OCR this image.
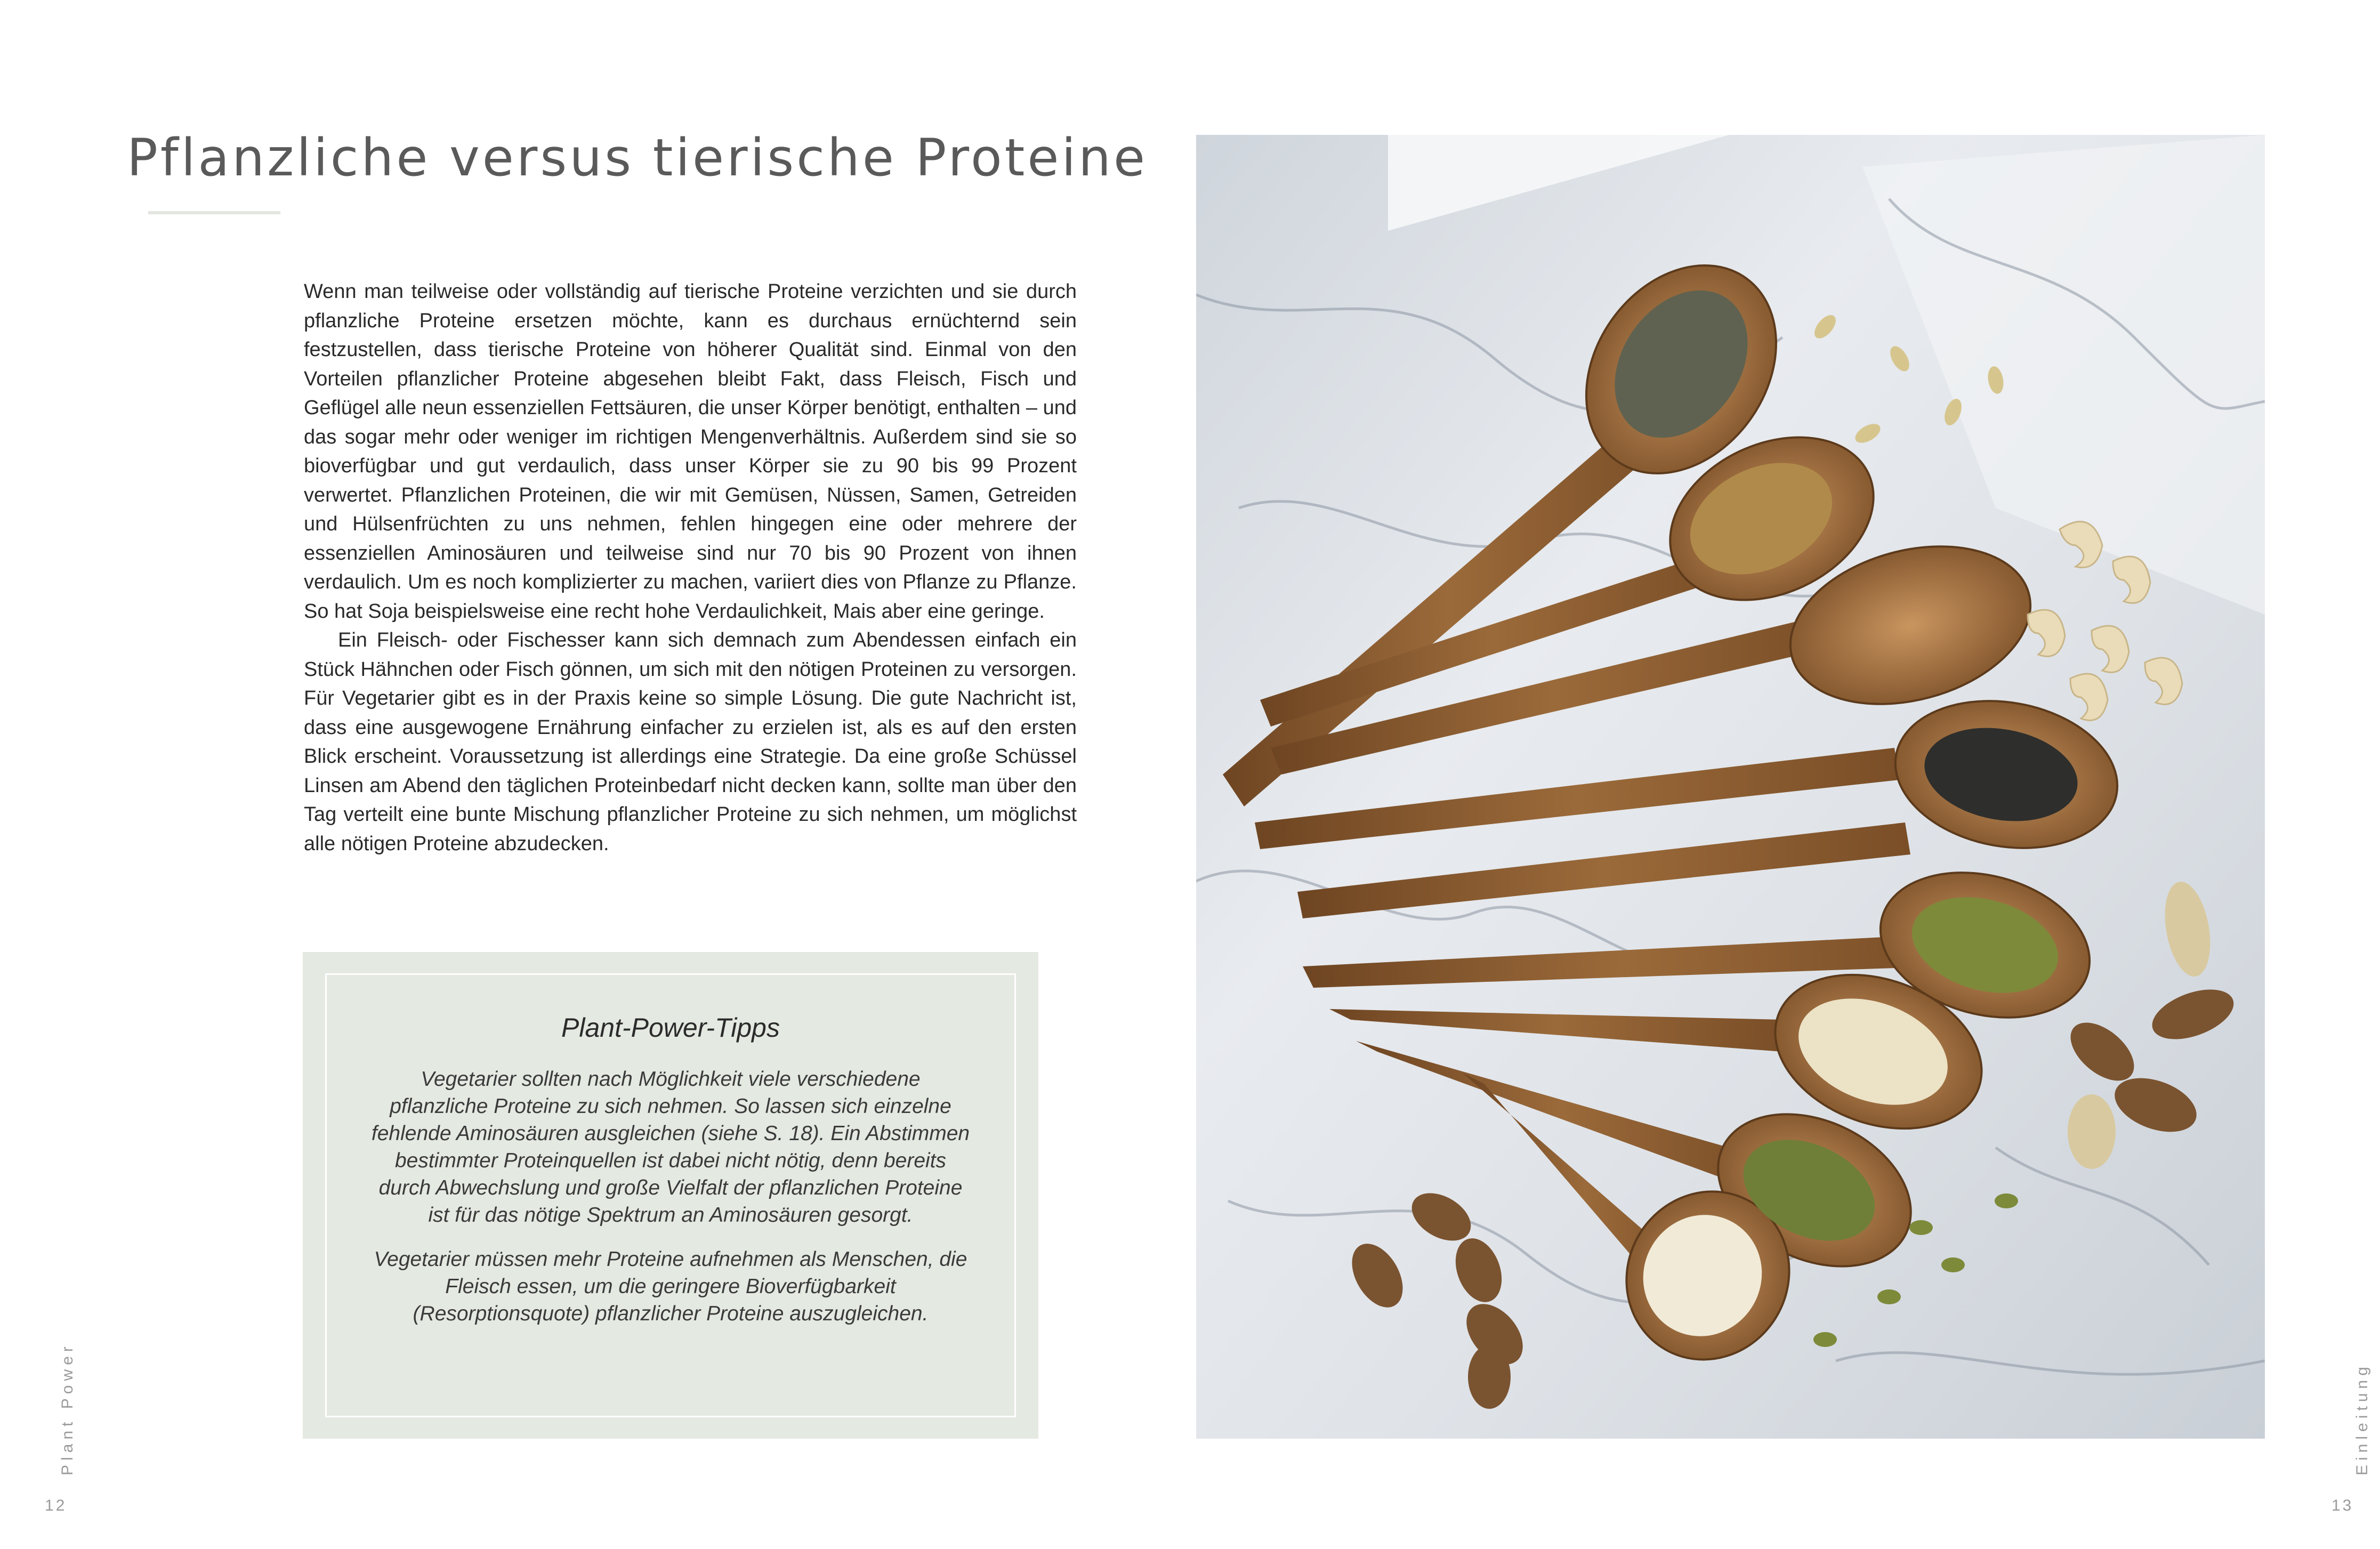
Pflanzliche versus tierische Proteine

Wenn man teilweise oder vollständig auf tierische Proteine verzichten und sie durch pflanzliche Proteine ersetzen möchte, kann es durchaus ernüchternd sein festzustellen, dass tierische Proteine von höherer Qualität sind. Einmal von den Vorteilen pflanzlicher Proteine abgesehen bleibt Fakt, dass Fleisch, Fisch und Geflügel alle neun essenziellen Fettsäuren, die unser Körper benötigt, enthalten – und das sogar mehr oder weniger im richtigen Mengenverhältnis. Außerdem sind sie so bioverfügbar und gut verdaulich, dass unser Körper sie zu 90 bis 99 Prozent verwertet. Pflanzlichen Proteinen, die wir mit Gemüsen, Nüssen, Samen, Getreiden und Hülsenfrüchten zu uns nehmen, fehlen hingegen eine oder mehrere der essenziellen Aminosäuren und teilweise sind nur 70 bis 90 Prozent von ihnen verdaulich. Um es noch komplizierter zu machen, variiert dies von Pflanze zu Pflanze. So hat Soja beispielsweise eine recht hohe Verdaulichkeit, Mais aber eine geringe.

Ein Fleisch- oder Fischesser kann sich demnach zum Abendessen einfach ein Stück Hähnchen oder Fisch gönnen, um sich mit den nötigen Proteinen zu versorgen. Für Vegetarier gibt es in der Praxis keine so simple Lösung. Die gute Nachricht ist, dass eine ausgewogene Ernährung einfacher zu erzielen ist, als es auf den ersten Blick erscheint. Voraussetzung ist allerdings eine Strategie. Da eine große Schüssel Linsen am Abend den täglichen Proteinbedarf nicht decken kann, sollte man über den Tag verteilt eine bunte Mischung pflanzlicher Proteine zu sich nehmen, um möglichst alle nötigen Proteine abzudecken.

Plant-Power-Tipps

Vegetarier sollten nach Möglichkeit viele verschiedene pflanzliche Proteine zu sich nehmen. So lassen sich einzelne fehlende Aminosäuren ausgleichen (siehe S. 18). Ein Abstimmen bestimmter Proteinquellen ist dabei nicht nötig, denn bereits durch Abwechslung und große Vielfalt der pflanzlichen Proteine ist für das nötige Spektrum an Aminosäuren gesorgt.

Vegetarier müssen mehr Proteine aufnehmen als Menschen, die Fleisch essen, um die geringere Bioverfügbarkeit (Resorptionsquote) pflanzlicher Proteine auszugleichen.

Plant Power
12
Einleitung
13
